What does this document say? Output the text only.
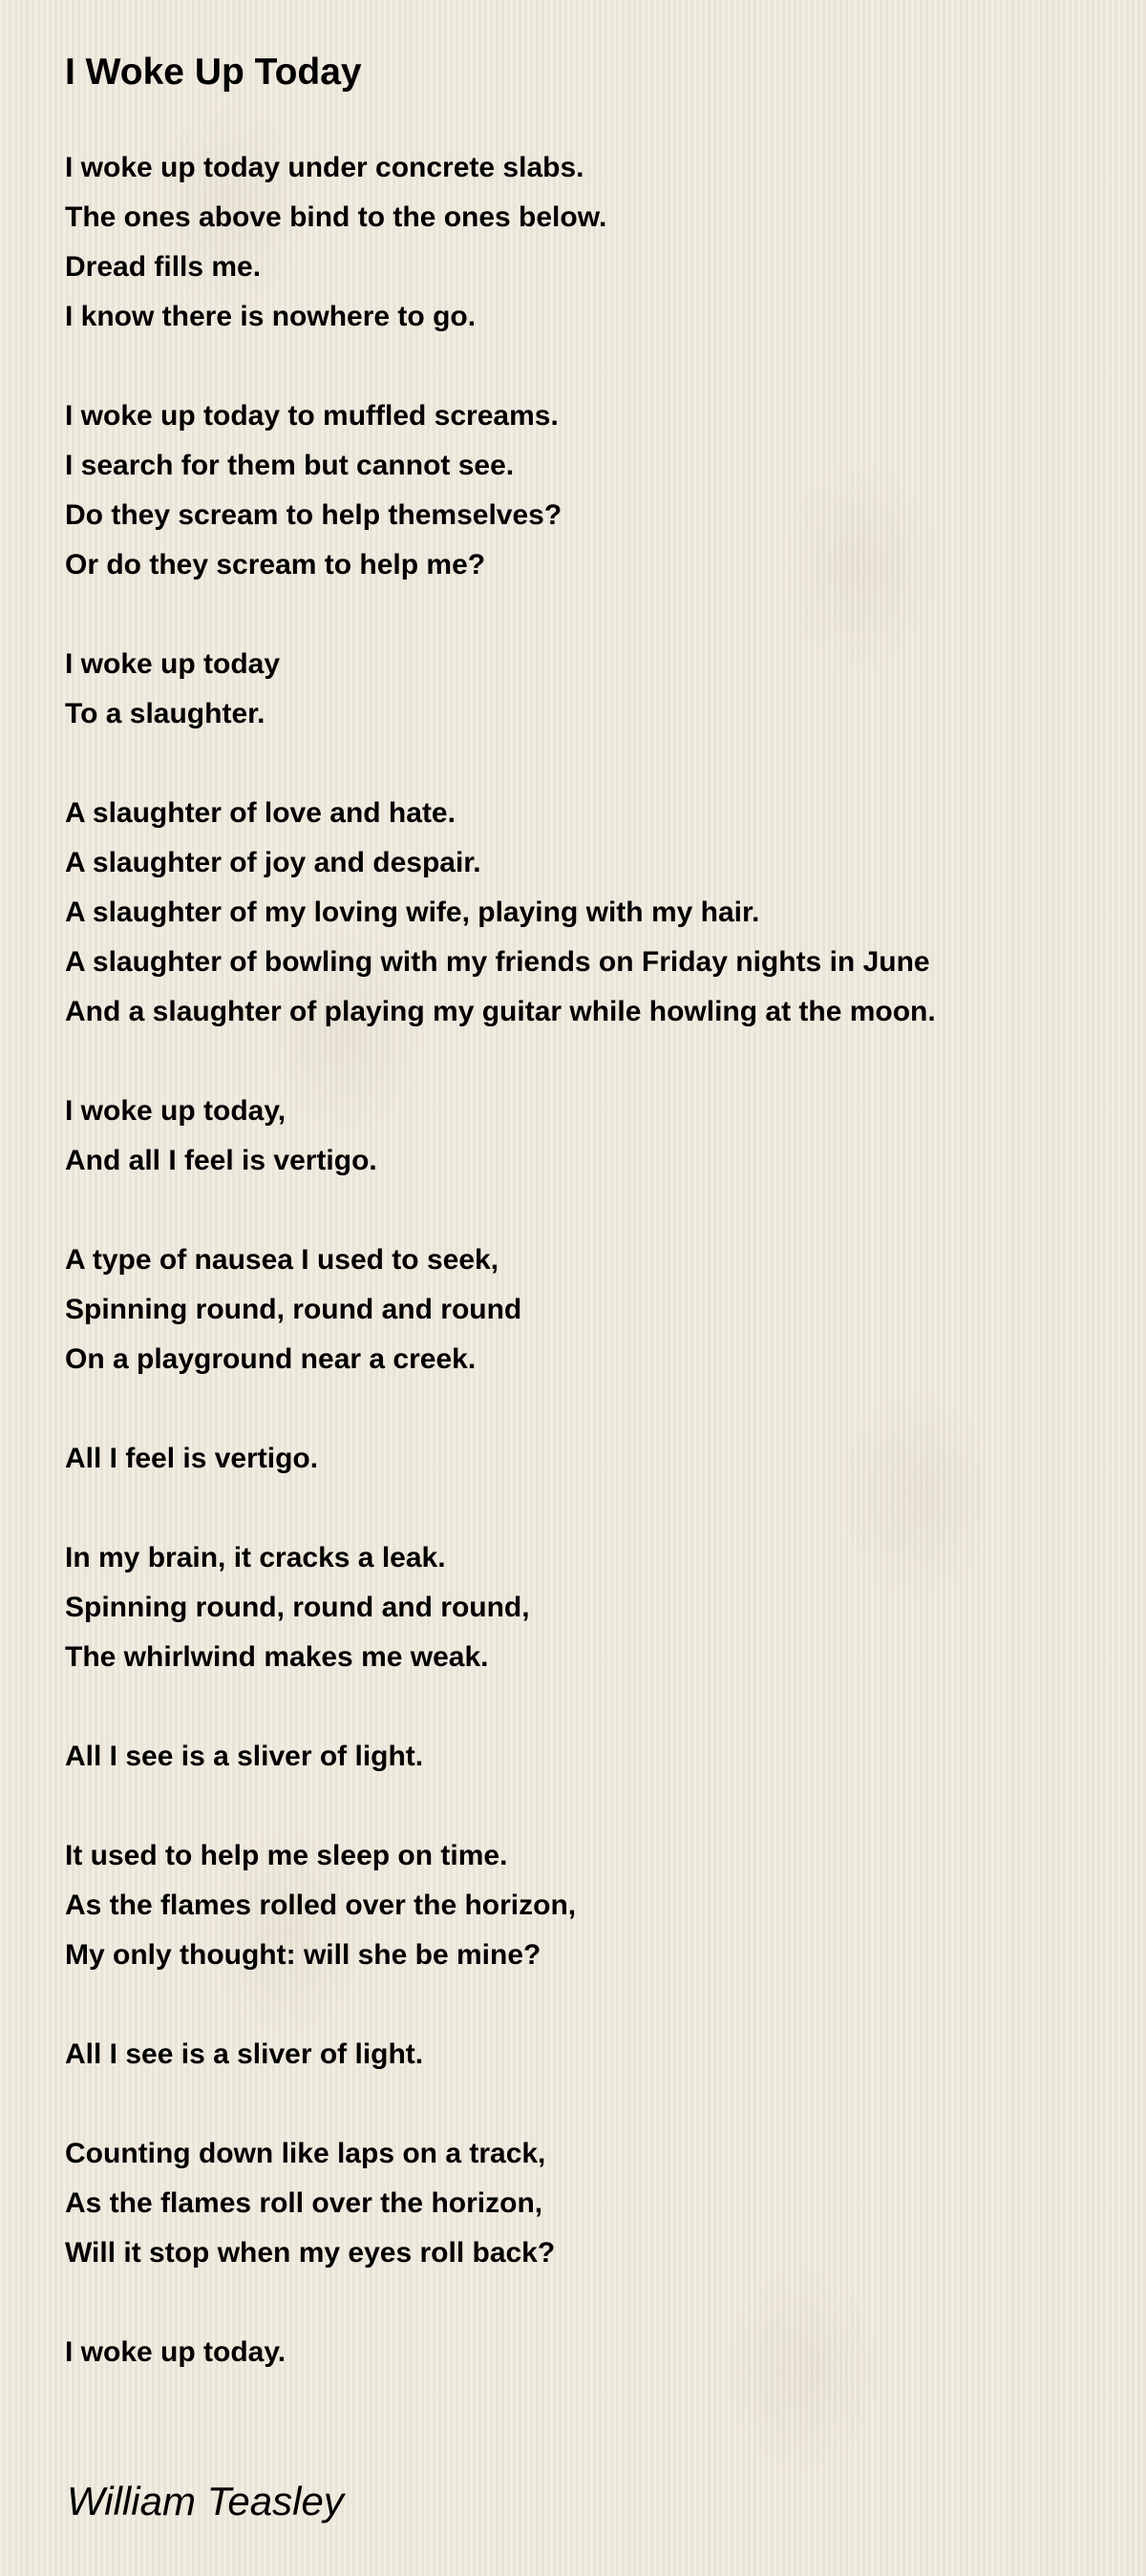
I Woke Up Today
I woke up today under concrete slabs.
The ones above bind to the ones below.
Dread fills me.
I know there is nowhere to go.
I woke up today to muffled screams.
I search for them but cannot see.
Do they scream to help themselves?
Or do they scream to help me?
I woke up today
To a slaughter.
A slaughter of love and hate.
A slaughter of joy and despair.
A slaughter of my loving wife, playing with my hair.
A slaughter of bowling with my friends on Friday nights in June
And a slaughter of playing my guitar while howling at the moon.
I woke up today,
And all I feel is vertigo.
A type of nausea I used to seek,
Spinning round, round and round
On a playground near a creek.
All I feel is vertigo.
In my brain, it cracks a leak.
Spinning round, round and round,
The whirlwind makes me weak.
All I see is a sliver of light.
It used to help me sleep on time.
As the flames rolled over the horizon,
My only thought: will she be mine?
All I see is a sliver of light.
Counting down like laps on a track,
As the flames roll over the horizon,
Will it stop when my eyes roll back?
I woke up today.
William Teasley
